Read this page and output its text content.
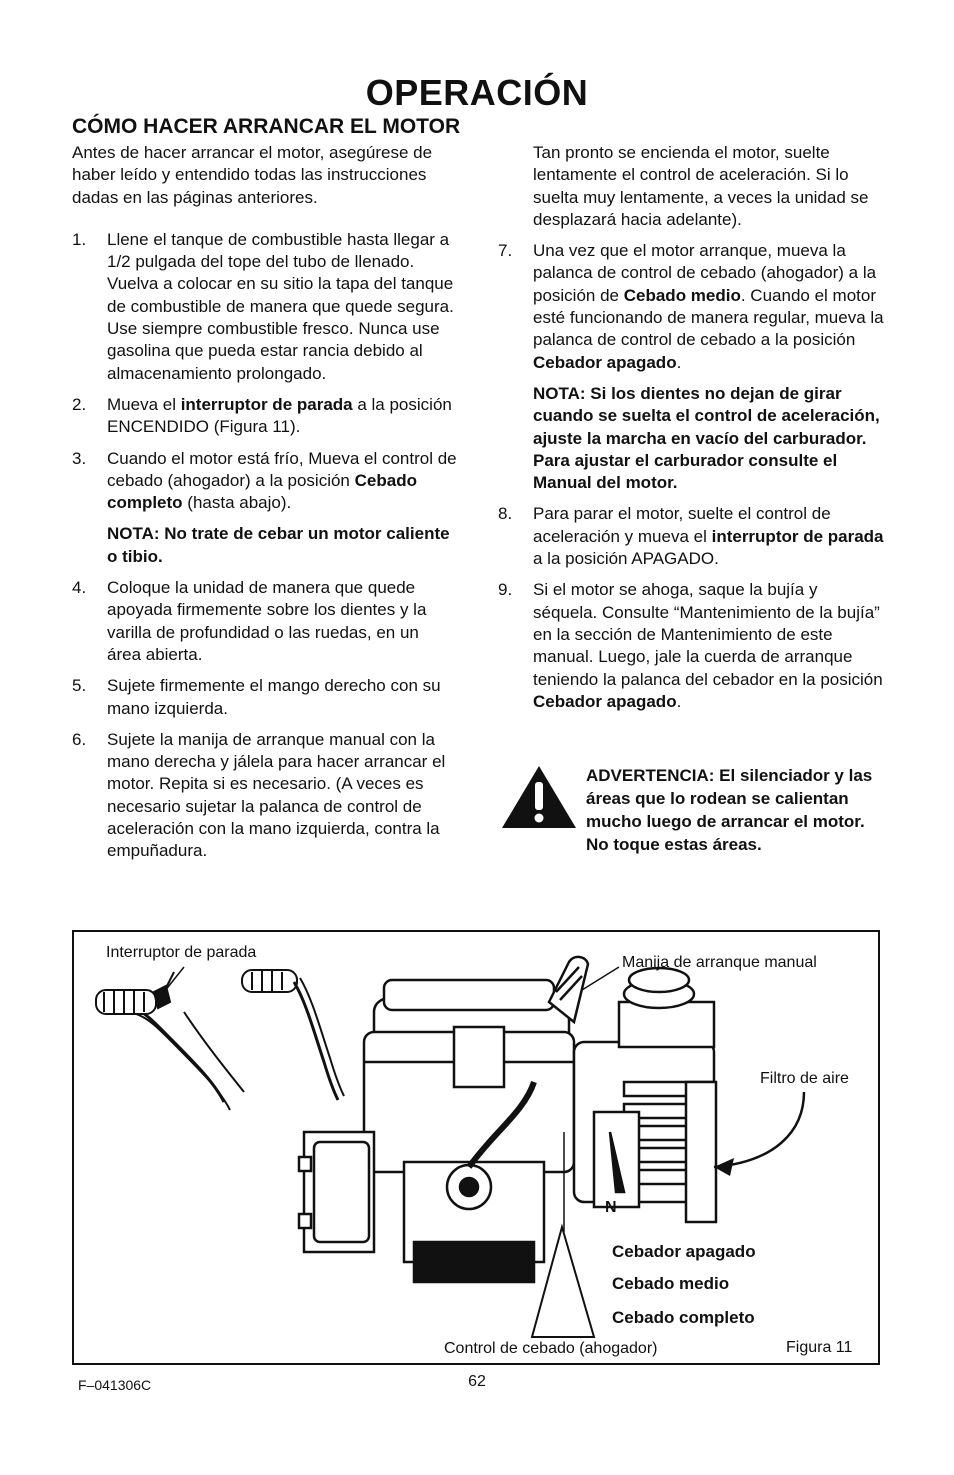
OPERACIÓN
CÓMO HACER ARRANCAR EL MOTOR

Antes de hacer arrancar el motor, asegúrese de haber leído y entendido todas las instrucciones dadas en las páginas anteriores.

1.	Llene el tanque de combustible hasta llegar a 1/2 pulgada del tope del tubo de llenado. Vuelva a colocar en su sitio la tapa del tanque de combustible de manera que quede segura. Use siempre combustible fresco. Nunca use gasolina que pueda estar rancia debido al almacenamiento prolongado.
2.	Mueva el interruptor de parada a la posición ENCENDIDO (Figura 11).
3.	Cuando el motor está frío, Mueva el control de cebado (ahogador) a la posición Cebado completo (hasta abajo).

NOTA: No trate de cebar un motor caliente o tibio.

4.	Coloque la unidad de manera que quede apoyada firmemente sobre los dientes y la varilla de profundidad o las ruedas, en un área abierta.
5.	Sujete firmemente el mango derecho con su mano izquierda.
6.	Sujete la manija de arranque manual con la mano derecha y jálela para hacer arrancar el motor. Repita si es necesario. (A veces es necesario sujetar la palanca de control de aceleración con la mano izquierda, contra la empuñadura.

Tan pronto se encienda el motor, suelte lentamente el control de aceleración. Si lo suelta muy lentamente, a veces la unidad se desplazará hacia adelante).

7.	Una vez que el motor arranque, mueva la palanca de control de cebado (ahogador) a la posición de Cebado medio. Cuando el motor esté funcionando de manera regular, mueva la palanca de control de cebado a la posición Cebador apagado.

NOTA: Si los dientes no dejan de girar cuando se suelta el control de aceleración, ajuste la marcha en vacío del carburador. Para ajustar el carburador consulte el Manual del motor.

8.	Para parar el motor, suelte el control de aceleración y mueva el interruptor de parada a la posición APAGADO.
9.	Si el motor se ahoga, saque la bujía y séquela. Consulte “Mantenimiento de la bujía” en la sección de Mantenimiento de este manual. Luego, jale la cuerda de arranque teniendo la palanca del cebador en la posición Cebador apagado.
ADVERTENCIA: El silenciador y las áreas que lo rodean se calientan mucho luego de arrancar el motor. No toque estas áreas.
N
Interruptor de parada
Manija de arranque manual
Filtro de aire
Cebador apagado
Cebado medio
Cebado completo
Control de cebado (ahogador)	Figura 11
F–041306C	62
